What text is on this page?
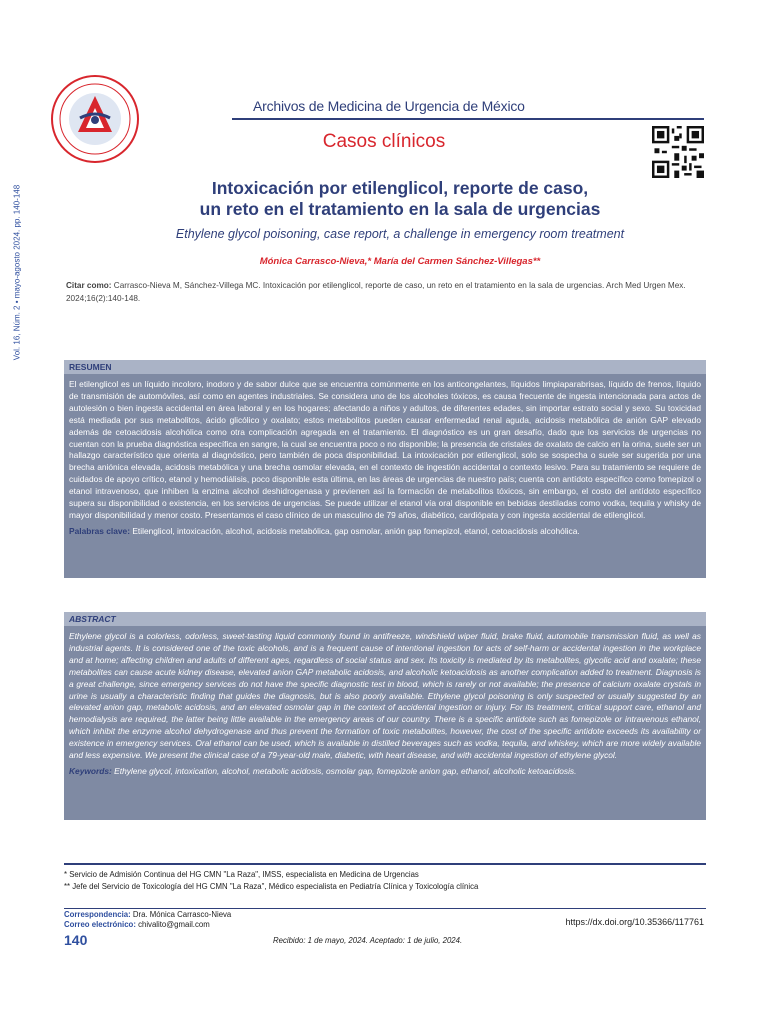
Archivos de Medicina de Urgencia de México
Casos clínicos
Vol. 16, Núm. 2 • mayo-agosto 2024. pp. 140-148	Intoxicación por etilenglicol, reporte de caso,
un reto en el tratamiento en la sala de urgencias
Ethylene glycol poisoning, case report, a challenge in emergency room treatment
Mónica Carrasco-Nieva,* María del Carmen Sánchez-Villegas**
Citar como: Carrasco-Nieva M, Sánchez-Villega MC. Intoxicación por etilenglicol, reporte de caso, un reto en el tratamiento en la sala de urgencias. Arch Med Urgen Mex. 2024;16(2):140-148.
RESUMEN
El etilenglicol es un líquido incoloro, inodoro y de sabor dulce que se encuentra comúnmente en los anticongelantes, líquidos limpiaparabrisas, líquido de frenos, líquido de transmisión de automóviles, así como en agentes industriales. Se considera uno de los alcoholes tóxicos, es causa frecuente de ingesta intencionada para actos de autolesión o bien ingesta accidental en área laboral y en los hogares; afectando a niños y adultos, de diferentes edades, sin importar estrato social y sexo. Su toxicidad está mediada por sus metabolitos, ácido glicólico y oxalato; estos metabolitos pueden causar enfermedad renal aguda, acidosis metabólica de anión GAP elevado además de cetoacidosis alcohólica como otra complicación agregada en el tratamiento. El diagnóstico es un gran desafío, dado que los servicios de urgencias no cuentan con la prueba diagnóstica específica en sangre, la cual se encuentra poco o no disponible; la presencia de cristales de oxalato de calcio en la orina, suele ser un hallazgo característico que orienta al diagnóstico, pero también de poca disponibilidad. La intoxicación por etilenglicol, solo se sospecha o suele ser sugerida por una brecha aniónica elevada, acidosis metabólica y una brecha osmolar elevada, en el contexto de ingestión accidental o contexto lesivo. Para su tratamiento se requiere de cuidados de apoyo crítico, etanol y hemodiálisis, poco disponible esta última, en las áreas de urgencias de nuestro país; cuenta con antídoto específico como fomepizol o etanol intravenoso, que inhiben la enzima alcohol deshidrogenasa y previenen así la formación de metabolitos tóxicos, sin embargo, el costo del antídoto específico supera su disponibilidad o existencia, en los servicios de urgencias. Se puede utilizar el etanol vía oral disponible en bebidas destiladas como vodka, tequila y whisky de mayor disponibilidad y menor costo. Presentamos el caso clínico de un masculino de 79 años, diabético, cardiópata y con ingesta accidental de etilenglicol.
Palabras clave: Etilenglicol, intoxicación, alcohol, acidosis metabólica, gap osmolar, anión gap fomepizol, etanol, cetoacidosis alcohólica.
ABSTRACT
Ethylene glycol is a colorless, odorless, sweet-tasting liquid commonly found in antifreeze, windshield wiper fluid, brake fluid, automobile transmission fluid, as well as industrial agents. It is considered one of the toxic alcohols, and is a frequent cause of intentional ingestion for acts of self-harm or accidental ingestion in the workplace and at home; affecting children and adults of different ages, regardless of social status and sex. Its toxicity is mediated by its metabolites, glycolic acid and oxalate; these metabolites can cause acute kidney disease, elevated anion GAP metabolic acidosis, and alcoholic ketoacidosis as another complication added to treatment. Diagnosis is a great challenge, since emergency services do not have the specific diagnostic test in blood, which is rarely or not available; the presence of calcium oxalate crystals in urine is usually a characteristic finding that guides the diagnosis, but is also poorly available. Ethylene glycol poisoning is only suspected or usually suggested by an elevated anion gap, metabolic acidosis, and an elevated osmolar gap in the context of accidental ingestion or injury. For its treatment, critical support care, ethanol and hemodialysis are required, the latter being little available in the emergency areas of our country. There is a specific antidote such as fomepizole or intravenous ethanol, which inhibit the enzyme alcohol dehydrogenase and thus prevent the formation of toxic metabolites, however, the cost of the specific antidote exceeds its availability or existence in emergency services. Oral ethanol can be used, which is available in distilled beverages such as vodka, tequila, and whiskey, which are more widely available and less expensive. We present the clinical case of a 79-year-old male, diabetic, with heart disease, and with accidental ingestion of ethylene glycol.
Keywords: Ethylene glycol, intoxication, alcohol, metabolic acidosis, osmolar gap, fomepizole anion gap, ethanol, alcoholic ketoacidosis.
* Servicio de Admisión Continua del HG CMN "La Raza", IMSS, especialista en Medicina de Urgencias
** Jefe del Servicio de Toxicología del HG CMN "La Raza", Médico especialista en Pediatría Clínica y Toxicología clínica
Correspondencia: Dra. Mónica Carrasco-Nieva
Correo electrónico: chivalito@gmail.com	https://dx.doi.org/10.35366/117761
140	Recibido: 1 de mayo, 2024. Aceptado: 1 de julio, 2024.
